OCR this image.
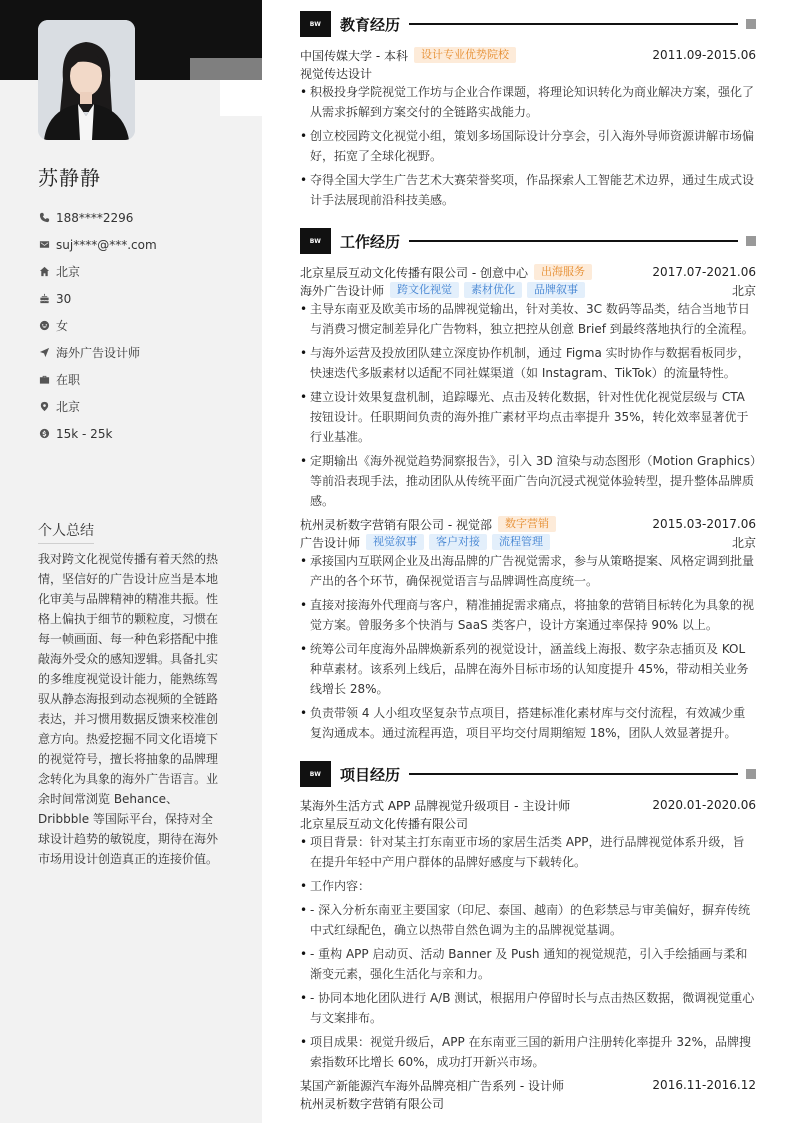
苏静静
188****2296
suj****@***.com
北京
30
女
海外广告设计师
在职
北京
15k - 25k
个人总结
我对跨文化视觉传播有着天然的热情，坚信好的广告设计应当是本地化审美与品牌精神的精准共振。性格上偏执于细节的颗粒度，习惯在每一帧画面、每一种色彩搭配中推敲海外受众的感知逻辑。具备扎实的多维度视觉设计能力，能熟练驾驭从静态海报到动态视频的全链路表达，并习惯用数据反馈来校准创意方向。热爱挖掘不同文化语境下的视觉符号，擅长将抽象的品牌理念转化为具象的海外广告语言。业余时间常浏览 Behance、Dribbble 等国际平台，保持对全球设计趋势的敏锐度，期待在海外市场用设计创造真正的连接价值。
BW	教育经历
中国传媒大学 - 本科	设计专业优势院校	2011.09-2015.06
视觉传达设计
• 积极投身学院视觉工作坊与企业合作课题，将理论知识转化为商业解决方案，强化了从需求拆解到方案交付的全链路实战能力。
• 创立校园跨文化视觉小组，策划多场国际设计分享会，引入海外导师资源讲解市场偏好，拓宽了全球化视野。
• 夺得全国大学生广告艺术大赛荣誉奖项，作品探索人工智能艺术边界，通过生成式设计手法展现前沿科技美感。
BW	工作经历
北京星辰互动文化传播有限公司 - 创意中心	出海服务	2017.07-2021.06
海外广告设计师	跨文化视觉	素材优化	品牌叙事	北京
• 主导东南亚及欧美市场的品牌视觉输出，针对美妆、3C 数码等品类，结合当地节日与消费习惯定制差异化广告物料，独立把控从创意 Brief 到最终落地执行的全流程。
• 与海外运营及投放团队建立深度协作机制，通过 Figma 实时协作与数据看板同步，快速迭代多版素材以适配不同社媒渠道（如 Instagram、TikTok）的流量特性。
• 建立设计效果复盘机制，追踪曝光、点击及转化数据，针对性优化视觉层级与 CTA 按钮设计。任职期间负责的海外推广素材平均点击率提升 35%，转化效率显著优于行业基准。
• 定期输出《海外视觉趋势洞察报告》，引入 3D 渲染与动态图形（Motion Graphics）等前沿表现手法，推动团队从传统平面广告向沉浸式视觉体验转型，提升整体品牌质感。
杭州灵析数字营销有限公司 - 视觉部	数字营销	2015.03-2017.06
广告设计师	视觉叙事	客户对接	流程管理	北京
• 承接国内互联网企业及出海品牌的广告视觉需求，参与从策略提案、风格定调到批量产出的各个环节，确保视觉语言与品牌调性高度统一。
• 直接对接海外代理商与客户，精准捕捉需求痛点，将抽象的营销目标转化为具象的视觉方案。曾服务多个快消与 SaaS 类客户，设计方案通过率保持 90% 以上。
• 统筹公司年度海外品牌焕新系列的视觉设计，涵盖线上海报、数字杂志插页及 KOL 种草素材。该系列上线后，品牌在海外目标市场的认知度提升 45%，带动相关业务线增长 28%。
• 负责带领 4 人小组攻坚复杂节点项目，搭建标准化素材库与交付流程，有效减少重复沟通成本。通过流程再造，项目平均交付周期缩短 18%，团队人效显著提升。
BW	项目经历
某海外生活方式 APP 品牌视觉升级项目 - 主设计师	2020.01-2020.06
北京星辰互动文化传播有限公司
• 项目背景：针对某主打东南亚市场的家居生活类 APP，进行品牌视觉体系升级，旨在提升年轻中产用户群体的品牌好感度与下载转化。
• 工作内容：
• - 深入分析东南亚主要国家（印尼、泰国、越南）的色彩禁忌与审美偏好，摒弃传统中式红绿配色，确立以热带自然色调为主的品牌视觉基调。
• - 重构 APP 启动页、活动 Banner 及 Push 通知的视觉规范，引入手绘插画与柔和渐变元素，强化生活化与亲和力。
• - 协同本地化团队进行 A/B 测试，根据用户停留时长与点击热区数据，微调视觉重心与文案排布。
• 项目成果：视觉升级后，APP 在东南亚三国的新用户注册转化率提升 32%，品牌搜索指数环比增长 60%，成功打开新兴市场。
某国产新能源汽车海外品牌亮相广告系列 - 设计师	2016.11-2016.12
杭州灵析数字营销有限公司
